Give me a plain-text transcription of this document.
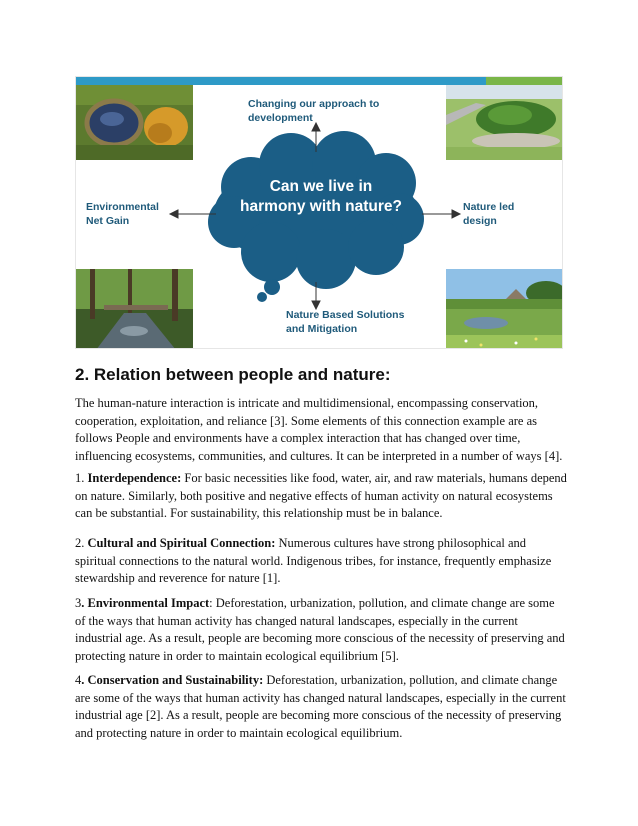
Changing our approach to development
Environmental Net Gain
Nature led design
Nature Based Solutions and Mitigation
Can we live in harmony with nature?
2. Relation between people and nature:

The human-nature interaction is intricate and multidimensional, encompassing conservation, cooperation, exploitation, and reliance [3]. Some elements of this connection example are as follows People and environments have a complex interaction that has changed over time, influencing ecosystems, communities, and cultures. It can be interpreted in a number of ways [4].

1. Interdependence: For basic necessities like food, water, air, and raw materials, humans depend on nature. Similarly, both positive and negative effects of human activity on natural ecosystems can be substantial. For sustainability, this relationship must be in balance.

2. Cultural and Spiritual Connection: Numerous cultures have strong philosophical and spiritual connections to the natural world. Indigenous tribes, for instance, frequently emphasize stewardship and reverence for nature [1].

3. Environmental Impact: Deforestation, urbanization, pollution, and climate change are some of the ways that human activity has changed natural landscapes, especially in the current industrial age. As a result, people are becoming more conscious of the necessity of preserving and protecting nature in order to maintain ecological equilibrium [5].

4. Conservation and Sustainability: Deforestation, urbanization, pollution, and climate change are some of the ways that human activity has changed natural landscapes, especially in the current industrial age [2]. As a result, people are becoming more conscious of the necessity of preserving and protecting nature in order to maintain ecological equilibrium.
